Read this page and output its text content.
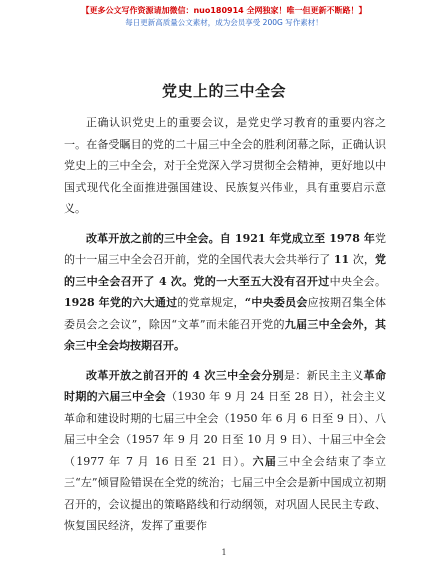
【更多公文写作资源请加微信：nuo180914 全网独家！唯一但更新不断路！】
每日更新高质量公文素材，成为会员享受 200G 写作素材！
党史上的三中全会

正确认识党史上的重要会议，是党史学习教育的重要内容之一。在备受瞩目的党的二十届三中全会的胜利闭幕之际，正确认识党史上的三中全会，对于全党深入学习贯彻全会精神，更好地以中国式现代化全面推进强国建设、民族复兴伟业，具有重要启示意义。

改革开放之前的三中全会。自 1921 年党成立至 1978 年党的十一届三中全会召开前，党的全国代表大会共举行了 11 次，党的三中全会召开了 4 次。党的一大至五大没有召开过中央全会。1928 年党的六大通过的党章规定，“中央委员会应按期召集全体委员会之会议”，除因“文革”而未能召开党的九届三中全会外，其余三中全会均按期召开。

改革开放之前召开的 4 次三中全会分别是：新民主主义革命时期的六届三中全会（1930 年 9 月 24 日至 28 日），社会主义革命和建设时期的七届三中全会（1950 年 6 月 6 日至 9 日）、八届三中全会（1957 年 9 月 20 日至 10 月 9 日）、十届三中全会（1977 年 7 月 16 日至 21 日）。六届三中全会结束了李立三“左”倾冒险错误在全党的统治；七届三中全会是新中国成立初期召开的，会议提出的策略路线和行动纲领，对巩固人民民主专政、恢复国民经济，发挥了重要作

1
